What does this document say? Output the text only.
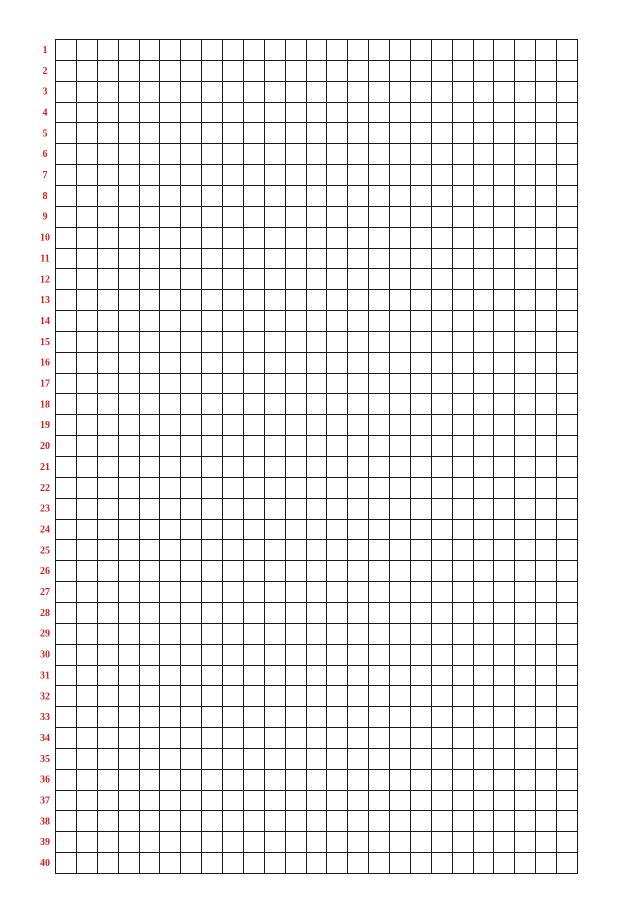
1
2
3
4
5
6
7
8
9
10
11
12
13
14
15
16
17
18
19
20
21
22
23
24
25
26
27
28
29
30
31
32
33
34
35
36
37
38
39
40
